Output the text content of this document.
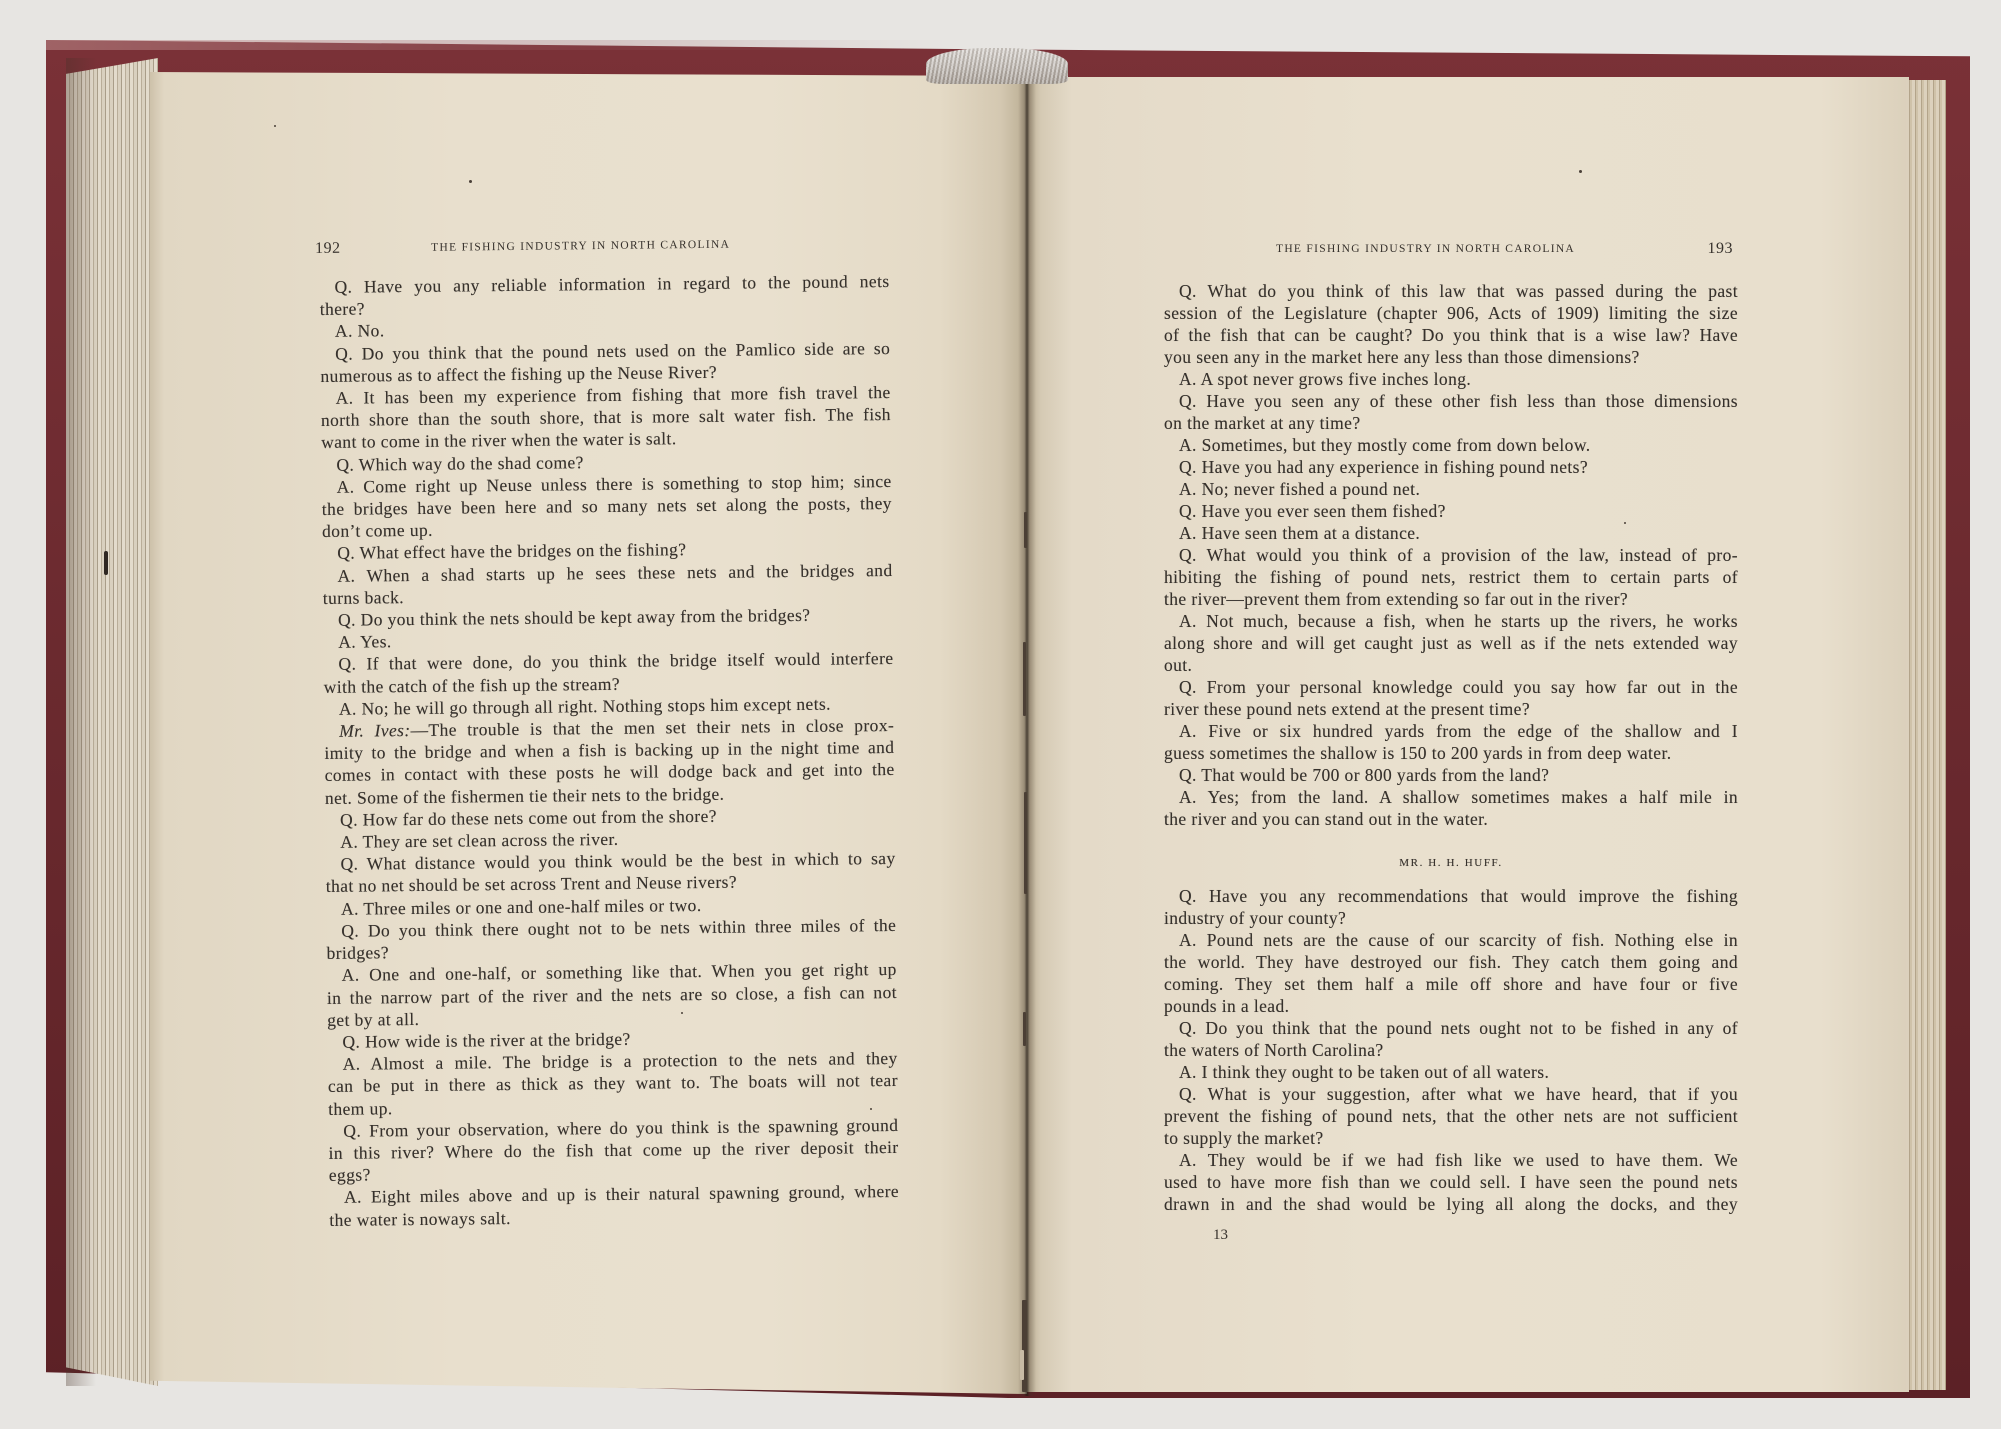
192	THE FISHING INDUSTRY IN NORTH CAROLINA
Q. Have you any reliable information in regard to the pound nets
there?
A. No.
Q. Do you think that the pound nets used on the Pamlico side are so
numerous as to affect the fishing up the Neuse River?
A. It has been my experience from fishing that more fish travel the
north shore than the south shore, that is more salt water fish. The fish
want to come in the river when the water is salt.
Q. Which way do the shad come?
A. Come right up Neuse unless there is something to stop him; since
the bridges have been here and so many nets set along the posts, they
don’t come up.
Q. What effect have the bridges on the fishing?
A. When a shad starts up he sees these nets and the bridges and
turns back.
Q. Do you think the nets should be kept away from the bridges?
A. Yes.
Q. If that were done, do you think the bridge itself would interfere
with the catch of the fish up the stream?
A. No; he will go through all right. Nothing stops him except nets.
Mr. Ives:—The trouble is that the men set their nets in close prox-
imity to the bridge and when a fish is backing up in the night time and
comes in contact with these posts he will dodge back and get into the
net. Some of the fishermen tie their nets to the bridge.
Q. How far do these nets come out from the shore?
A. They are set clean across the river.
Q. What distance would you think would be the best in which to say
that no net should be set across Trent and Neuse rivers?
A. Three miles or one and one-half miles or two.
Q. Do you think there ought not to be nets within three miles of the
bridges?
A. One and one-half, or something like that. When you get right up
in the narrow part of the river and the nets are so close, a fish can not
get by at all.
Q. How wide is the river at the bridge?
A. Almost a mile. The bridge is a protection to the nets and they
can be put in there as thick as they want to. The boats will not tear
them up.
Q. From your observation, where do you think is the spawning ground
in this river? Where do the fish that come up the river deposit their
eggs?
A. Eight miles above and up is their natural spawning ground, where
the water is noways salt.
THE FISHING INDUSTRY IN NORTH CAROLINA	193
Q. What do you think of this law that was passed during the past
session of the Legislature (chapter 906, Acts of 1909) limiting the size
of the fish that can be caught? Do you think that is a wise law? Have
you seen any in the market here any less than those dimensions?
A. A spot never grows five inches long.
Q. Have you seen any of these other fish less than those dimensions
on the market at any time?
A. Sometimes, but they mostly come from down below.
Q. Have you had any experience in fishing pound nets?
A. No; never fished a pound net.
Q. Have you ever seen them fished?
A. Have seen them at a distance.
Q. What would you think of a provision of the law, instead of pro-
hibiting the fishing of pound nets, restrict them to certain parts of
the river—prevent them from extending so far out in the river?
A. Not much, because a fish, when he starts up the rivers, he works
along shore and will get caught just as well as if the nets extended way
out.
Q. From your personal knowledge could you say how far out in the
river these pound nets extend at the present time?
A. Five or six hundred yards from the edge of the shallow and I
guess sometimes the shallow is 150 to 200 yards in from deep water.
Q. That would be 700 or 800 yards from the land?
A. Yes; from the land. A shallow sometimes makes a half mile in
the river and you can stand out in the water.
MR. H. H. HUFF.
Q. Have you any recommendations that would improve the fishing
industry of your county?
A. Pound nets are the cause of our scarcity of fish. Nothing else in
the world. They have destroyed our fish. They catch them going and
coming. They set them half a mile off shore and have four or five
pounds in a lead.
Q. Do you think that the pound nets ought not to be fished in any of
the waters of North Carolina?
A. I think they ought to be taken out of all waters.
Q. What is your suggestion, after what we have heard, that if you
prevent the fishing of pound nets, that the other nets are not sufficient
to supply the market?
A. They would be if we had fish like we used to have them. We
used to have more fish than we could sell. I have seen the pound nets
drawn in and the shad would be lying all along the docks, and they
13
